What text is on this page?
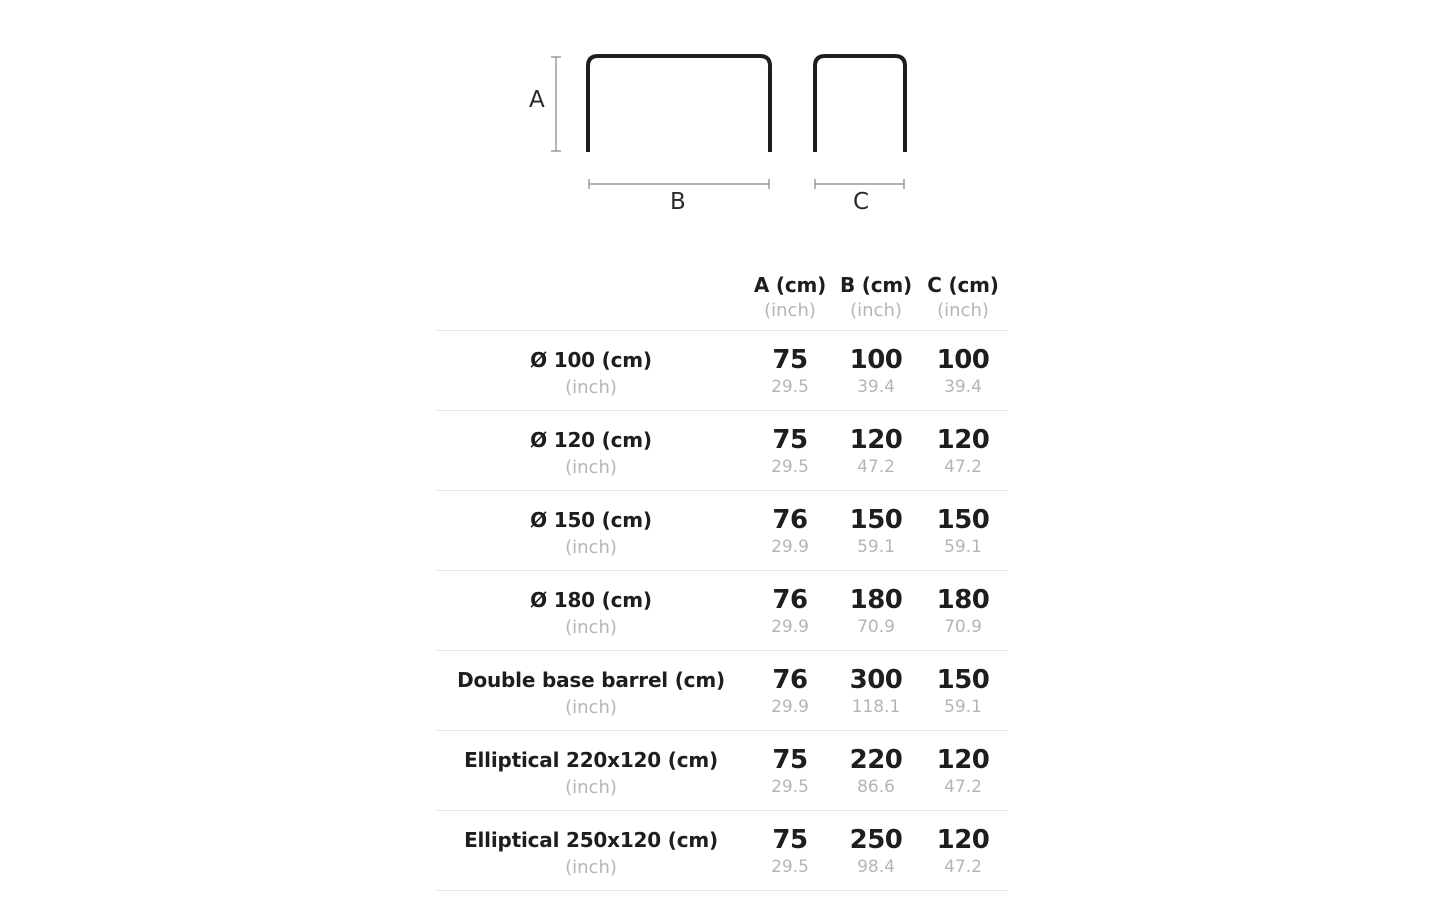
A
B	C
A (cm)
(inch)
B (cm)
(inch)
C (cm)
(inch)
Ø 100 (cm)
(inch)
75
29.5
100
39.4
100
39.4
Ø 120 (cm)
(inch)
75
29.5
120
47.2
120
47.2
Ø 150 (cm)
(inch)
76
29.9
150
59.1
150
59.1
Ø 180 (cm)
(inch)
76
29.9
180
70.9
180
70.9
Double base barrel (cm)
(inch)
76
29.9
300
118.1
150
59.1
Elliptical 220x120 (cm)
(inch)
75
29.5
220
86.6
120
47.2
Elliptical 250x120 (cm)
(inch)
75
29.5
250
98.4
120
47.2
